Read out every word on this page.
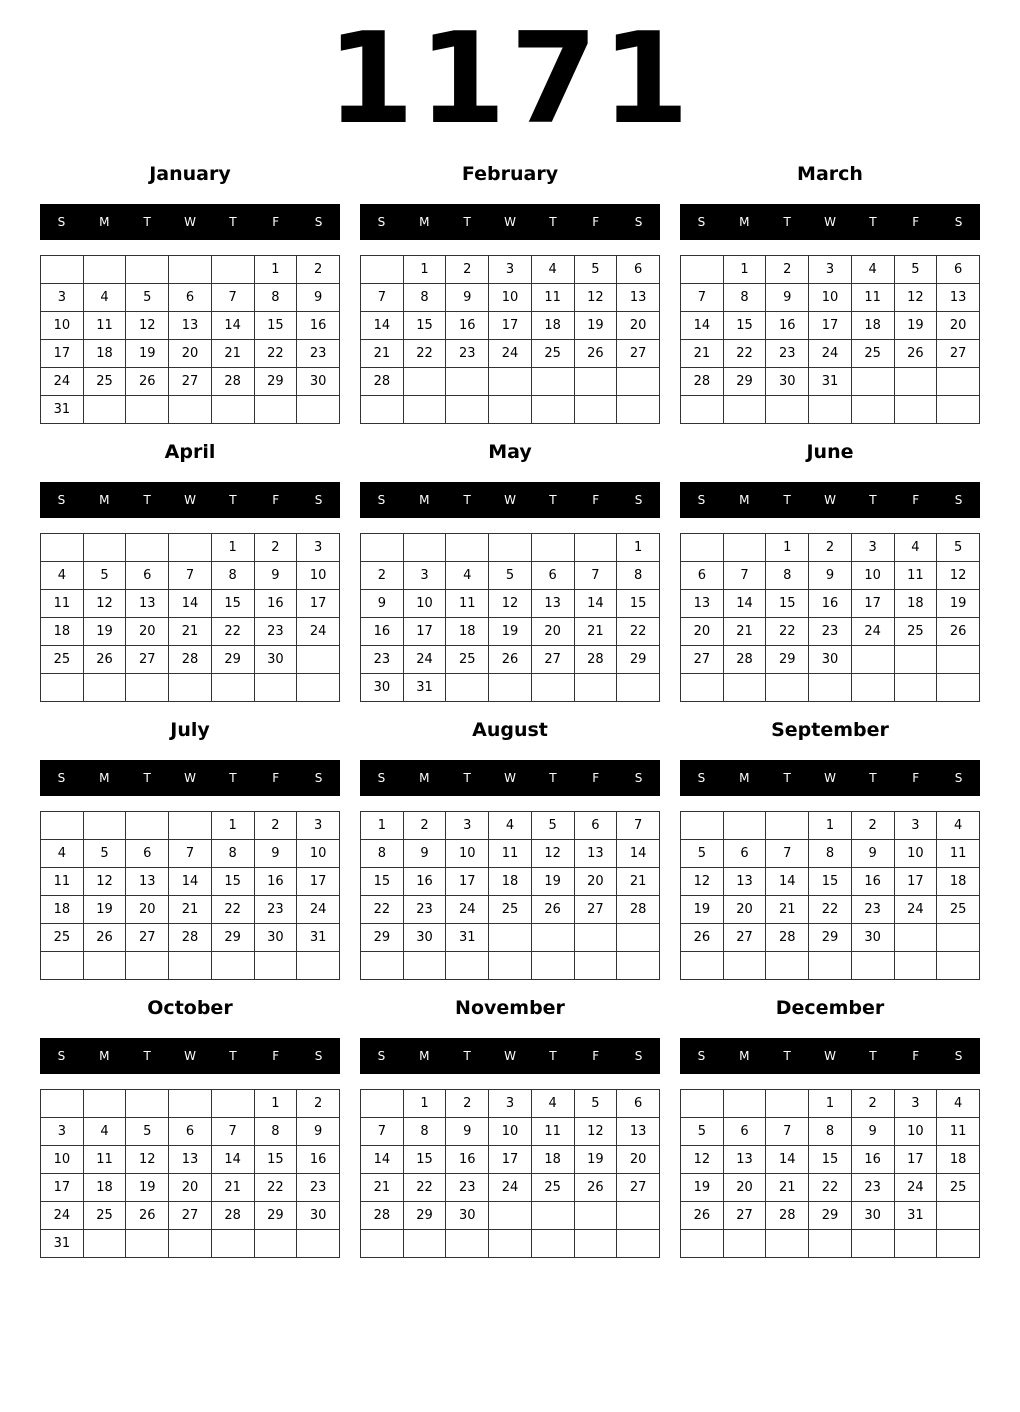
1171
January
S	M	T	W	T	F	S
					1	2
3	4	5	6	7	8	9
10	11	12	13	14	15	16
17	18	19	20	21	22	23
24	25	26	27	28	29	30
31						
February
S	M	T	W	T	F	S
	1	2	3	4	5	6
7	8	9	10	11	12	13
14	15	16	17	18	19	20
21	22	23	24	25	26	27
28						

March
S	M	T	W	T	F	S
	1	2	3	4	5	6
7	8	9	10	11	12	13
14	15	16	17	18	19	20
21	22	23	24	25	26	27
28	29	30	31			

April
S	M	T	W	T	F	S
				1	2	3
4	5	6	7	8	9	10
11	12	13	14	15	16	17
18	19	20	21	22	23	24
25	26	27	28	29	30	

May
S	M	T	W	T	F	S
						1
2	3	4	5	6	7	8
9	10	11	12	13	14	15
16	17	18	19	20	21	22
23	24	25	26	27	28	29
30	31					
June
S	M	T	W	T	F	S
		1	2	3	4	5
6	7	8	9	10	11	12
13	14	15	16	17	18	19
20	21	22	23	24	25	26
27	28	29	30			

July
S	M	T	W	T	F	S
				1	2	3
4	5	6	7	8	9	10
11	12	13	14	15	16	17
18	19	20	21	22	23	24
25	26	27	28	29	30	31

August
S	M	T	W	T	F	S
1	2	3	4	5	6	7
8	9	10	11	12	13	14
15	16	17	18	19	20	21
22	23	24	25	26	27	28
29	30	31				

September
S	M	T	W	T	F	S
			1	2	3	4
5	6	7	8	9	10	11
12	13	14	15	16	17	18
19	20	21	22	23	24	25
26	27	28	29	30		

October
S	M	T	W	T	F	S
					1	2
3	4	5	6	7	8	9
10	11	12	13	14	15	16
17	18	19	20	21	22	23
24	25	26	27	28	29	30
31						
November
S	M	T	W	T	F	S
	1	2	3	4	5	6
7	8	9	10	11	12	13
14	15	16	17	18	19	20
21	22	23	24	25	26	27
28	29	30				

December
S	M	T	W	T	F	S
			1	2	3	4
5	6	7	8	9	10	11
12	13	14	15	16	17	18
19	20	21	22	23	24	25
26	27	28	29	30	31	
